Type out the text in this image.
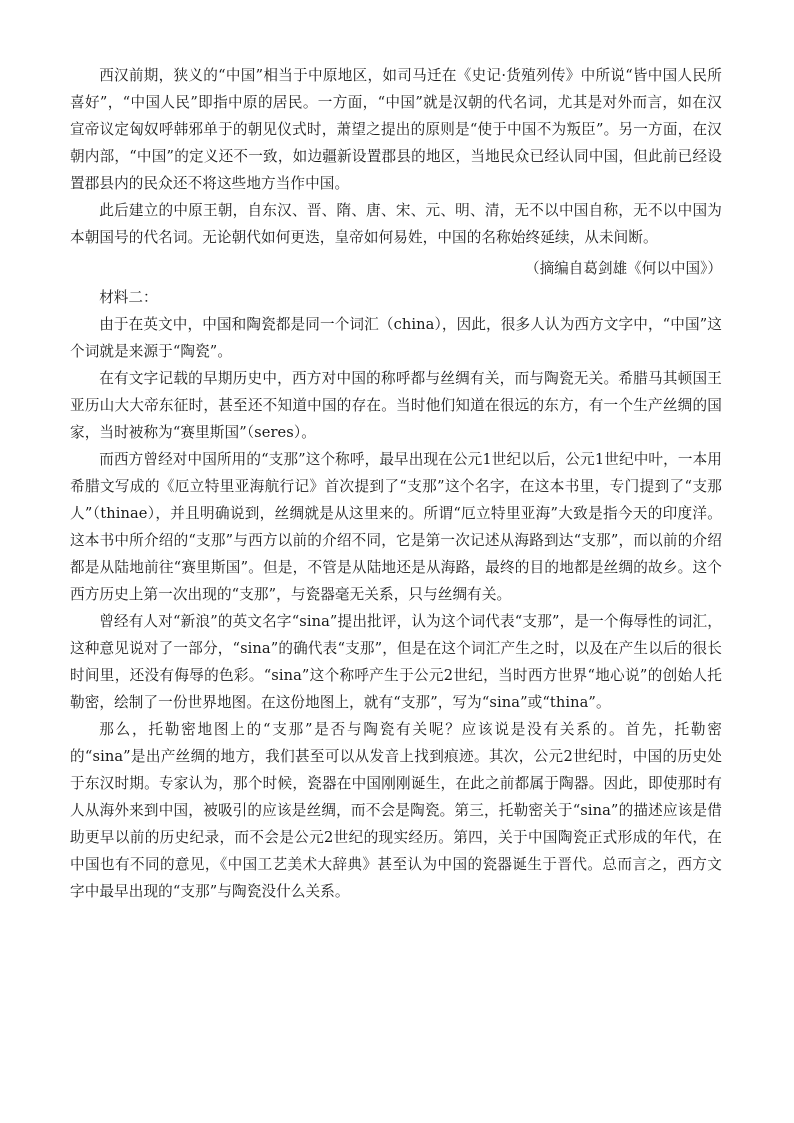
西汉前期，狭义的“中国”相当于中原地区，如司马迁在《史记·货殖列传》中所说“皆中国人民所喜好”，“中国人民”即指中原的居民。一方面，“中国”就是汉朝的代名词，尤其是对外而言，如在汉宣帝议定匈奴呼韩邪单于的朝见仪式时，萧望之提出的原则是“使于中国不为叛臣”。另一方面，在汉朝内部，“中国”的定义还不一致，如边疆新设置郡县的地区，当地民众已经认同中国，但此前已经设置郡县内的民众还不将这些地方当作中国。

此后建立的中原王朝，自东汉、晋、隋、唐、宋、元、明、清，无不以中国自称，无不以中国为本朝国号的代名词。无论朝代如何更迭，皇帝如何易姓，中国的名称始终延续，从未间断。

（摘编自葛剑雄《何以中国》）

材料二：

由于在英文中，中国和陶瓷都是同一个词汇（china），因此，很多人认为西方文字中，“中国”这个词就是来源于“陶瓷”。

在有文字记载的早期历史中，西方对中国的称呼都与丝绸有关，而与陶瓷无关。希腊马其顿国王亚历山大大帝东征时，甚至还不知道中国的存在。当时他们知道在很远的东方，有一个生产丝绸的国家，当时被称为“赛里斯国”（seres）。

而西方曾经对中国所用的“支那”这个称呼，最早出现在公元1世纪以后，公元1世纪中叶，一本用希腊文写成的《厄立特里亚海航行记》首次提到了“支那”这个名字，在这本书里，专门提到了“支那人”（thinae），并且明确说到，丝绸就是从这里来的。所谓“厄立特里亚海”大致是指今天的印度洋。这本书中所介绍的“支那”与西方以前的介绍不同，它是第一次记述从海路到达“支那”，而以前的介绍都是从陆地前往“赛里斯国”。但是，不管是从陆地还是从海路，最终的目的地都是丝绸的故乡。这个西方历史上第一次出现的“支那”，与瓷器毫无关系，只与丝绸有关。

曾经有人对“新浪”的英文名字“sina”提出批评，认为这个词代表“支那”，是一个侮辱性的词汇，这种意见说对了一部分，“sina”的确代表“支那”，但是在这个词汇产生之时，以及在产生以后的很长时间里，还没有侮辱的色彩。“sina”这个称呼产生于公元2世纪，当时西方世界“地心说”的创始人托勒密，绘制了一份世界地图。在这份地图上，就有“支那”，写为“sina”或“thina”。

那么，托勒密地图上的“支那”是否与陶瓷有关呢？应该说是没有关系的。首先，托勒密的“sina”是出产丝绸的地方，我们甚至可以从发音上找到痕迹。其次，公元2世纪时，中国的历史处于东汉时期。专家认为，那个时候，瓷器在中国刚刚诞生，在此之前都属于陶器。因此，即使那时有人从海外来到中国，被吸引的应该是丝绸，而不会是陶瓷。第三，托勒密关于“sina”的描述应该是借助更早以前的历史纪录，而不会是公元2世纪的现实经历。第四，关于中国陶瓷正式形成的年代，在中国也有不同的意见，《中国工艺美术大辞典》甚至认为中国的瓷器诞生于晋代。总而言之，西方文字中最早出现的“支那”与陶瓷没什么关系。
